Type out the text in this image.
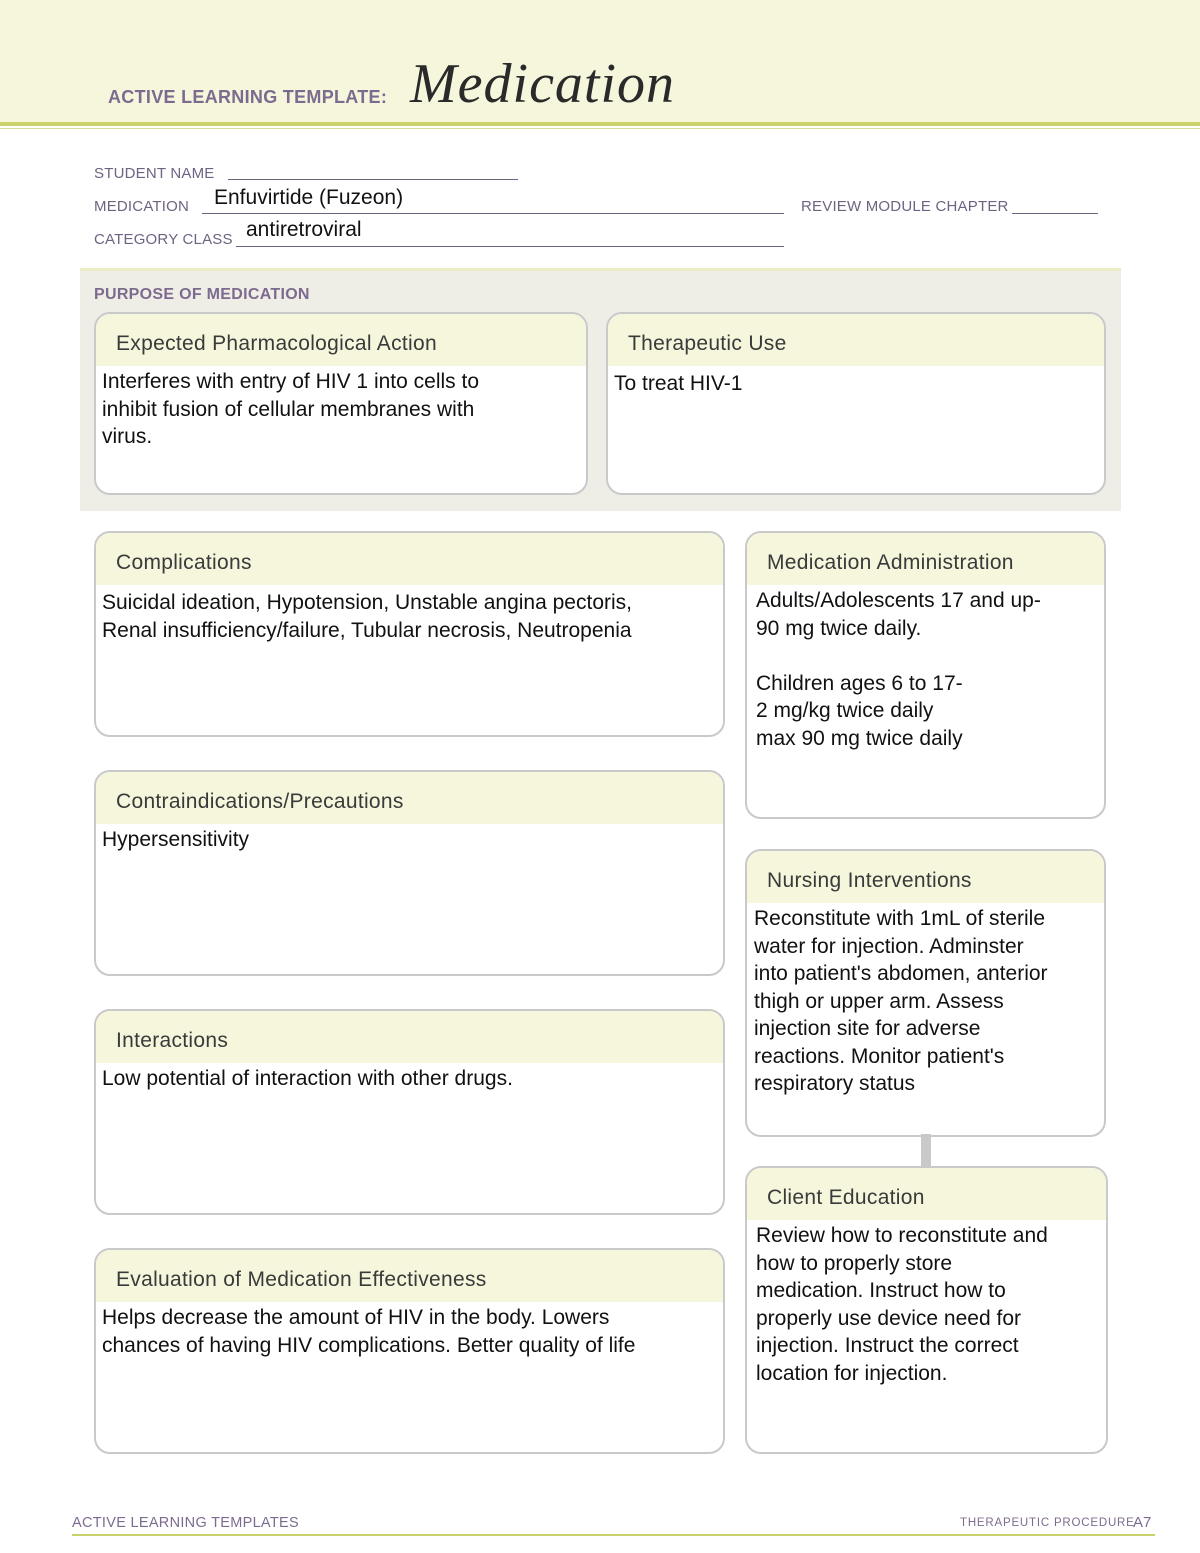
ACTIVE LEARNING TEMPLATE: Medication
STUDENT NAME
MEDICATION Enfuvirtide (Fuzeon)	REVIEW MODULE CHAPTER
CATEGORY CLASS antiretroviral
PURPOSE OF MEDICATION
Expected Pharmacological Action
Interferes with entry of HIV 1 into cells to
inhibit fusion of cellular membranes with
virus.
Therapeutic Use
To treat HIV-1
Complications
Suicidal ideation, Hypotension, Unstable angina pectoris,
Renal insufficiency/failure, Tubular necrosis, Neutropenia
Contraindications/Precautions
Hypersensitivity
Interactions
Low potential of interaction with other drugs.
Evaluation of Medication Effectiveness
Helps decrease the amount of HIV in the body. Lowers
chances of having HIV complications. Better quality of life
Medication Administration
Adults/Adolescents 17 and up-
90 mg twice daily.

Children ages 6 to 17-
2 mg/kg twice daily
max 90 mg twice daily
Nursing Interventions
Reconstitute with 1mL of sterile
water for injection. Adminster
into patient's abdomen, anterior
thigh or upper arm. Assess
injection site for adverse
reactions. Monitor patient's
respiratory status
Client Education
Review how to reconstitute and
how to properly store
medication. Instruct how to
properly use device need for
injection. Instruct the correct
location for injection.
ACTIVE LEARNING TEMPLATES	THERAPEUTIC PROCEDURE
A7
